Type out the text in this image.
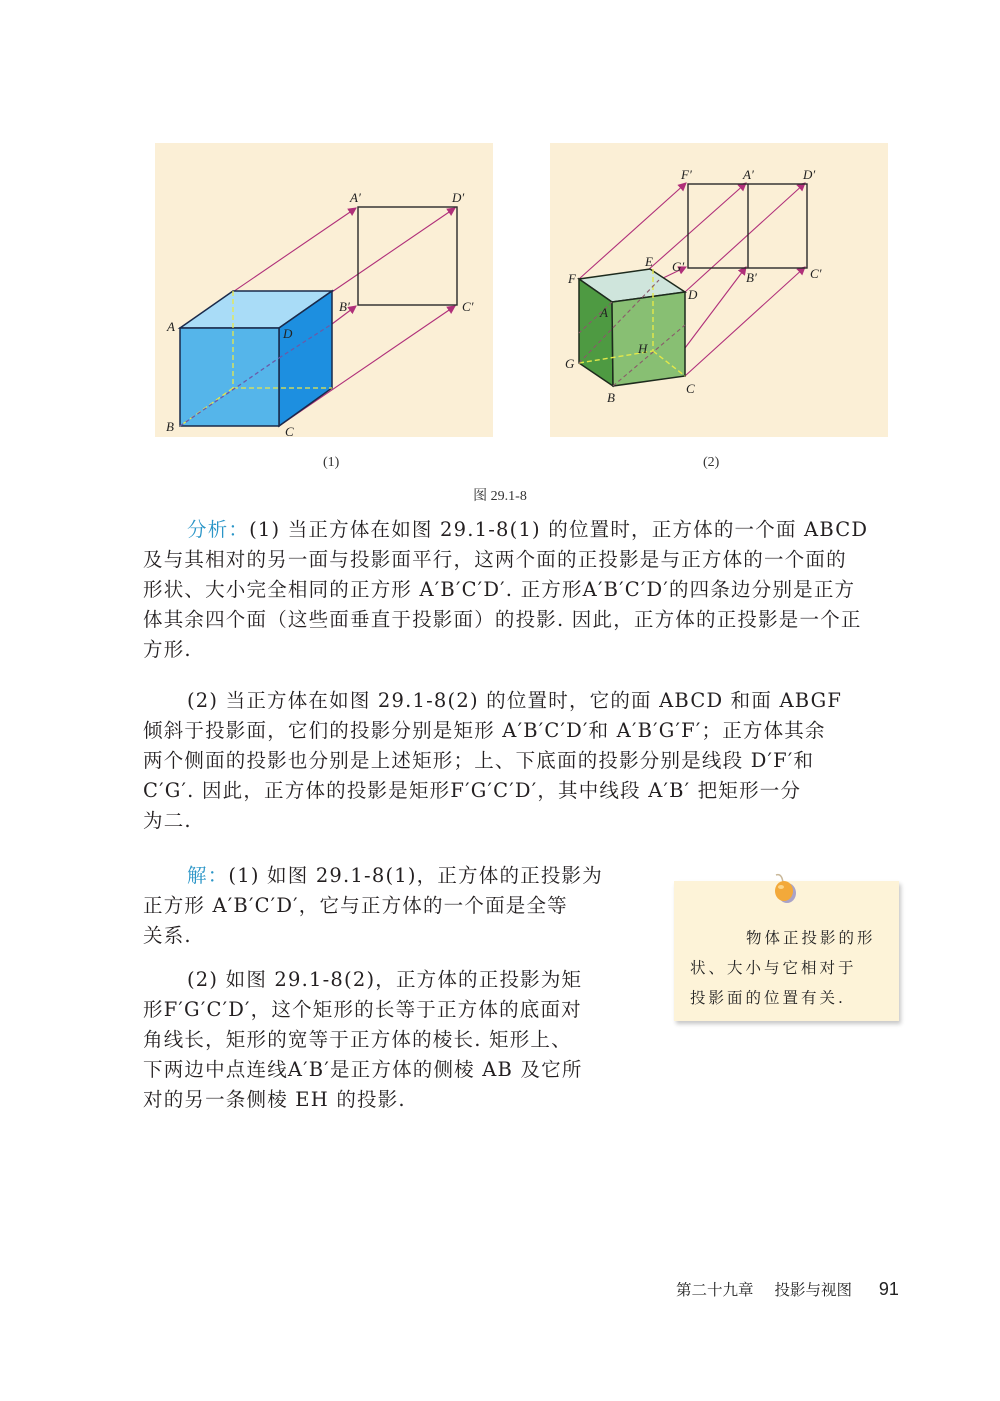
A	D
B	C
A′	D′
B′	C′
(1)
F
E
A
D
G
H
B
C
F′	A′	D′
G′
B′	C′
(2)
图 29.1-8
分析：(1) 当正方体在如图 29.1-8(1) 的位置时，正方体的一个面 ABCD
及与其相对的另一面与投影面平行，这两个面的正投影是与正方体的一个面的
形状、大小完全相同的正方形 A′B′C′D′. 正方形A′B′C′D′的四条边分别是正方
体其余四个面（这些面垂直于投影面）的投影. 因此，正方体的正投影是一个正
方形.
(2) 当正方体在如图 29.1-8(2) 的位置时，它的面 ABCD 和面 ABGF
倾斜于投影面，它们的投影分别是矩形 A′B′C′D′和 A′B′G′F′；正方体其余
两个侧面的投影也分别是上述矩形；上、下底面的投影分别是线段 D′F′和
C′G′. 因此，正方体的投影是矩形F′G′C′D′，其中线段 A′B′ 把矩形一分
为二.
解：(1) 如图 29.1-8(1)，正方体的正投影为
正方形 A′B′C′D′，它与正方体的一个面是全等
关系.
(2) 如图 29.1-8(2)，正方体的正投影为矩
形F′G′C′D′，这个矩形的长等于正方体的底面对
角线长，矩形的宽等于正方体的棱长. 矩形上、
下两边中点连线A′B′是正方体的侧棱 AB 及它所
对的另一条侧棱 EH 的投影.
物体正投影的形
状、大小与它相对于
投影面的位置有关.
第二十九章 投影与视图 91
